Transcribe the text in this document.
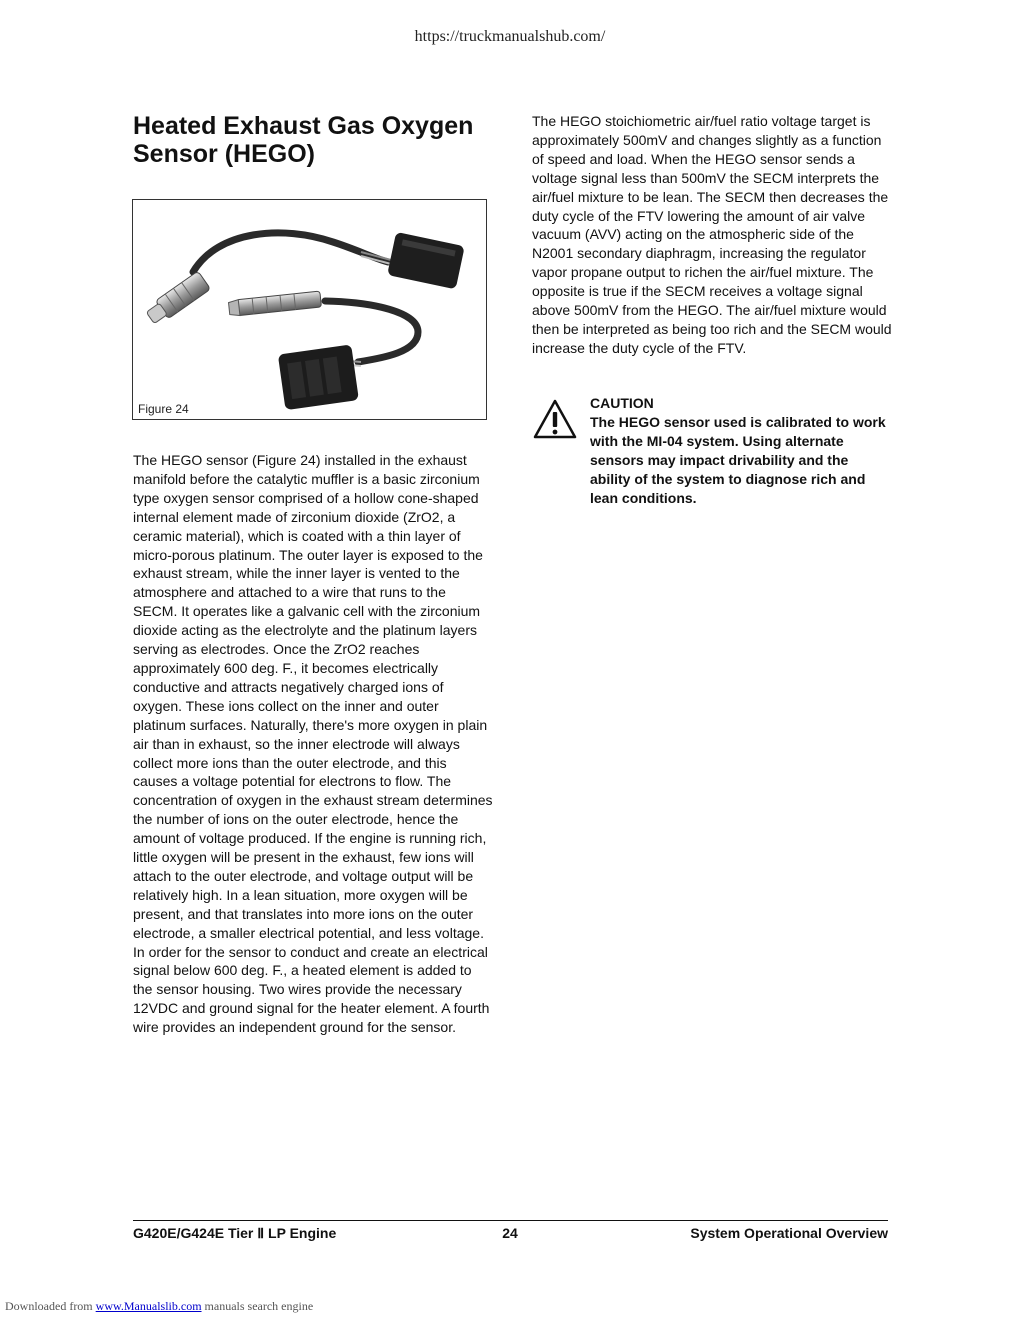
https://truckmanualshub.com/
Heated Exhaust Gas Oxygen Sensor (HEGO)
Figure 24

The HEGO sensor (Figure 24) installed in the exhaust manifold before the catalytic muffler is a basic zirconium type oxygen sensor comprised of a hollow cone-shaped internal element made of zirconium dioxide (ZrO2, a ceramic material), which is coated with a thin layer of micro-porous platinum. The outer layer is exposed to the exhaust stream, while the inner layer is vented to the atmosphere and attached to a wire that runs to the SECM. It operates like a galvanic cell with the zirconium dioxide acting as the electrolyte and the platinum layers serving as electrodes. Once the ZrO2 reaches approximately 600 deg. F., it becomes electrically conductive and attracts negatively charged ions of oxygen. These ions collect on the inner and outer platinum surfaces. Naturally, there's more oxygen in plain air than in exhaust, so the inner electrode will always collect more ions than the outer electrode, and this causes a voltage potential for electrons to flow. The concentration of oxygen in the exhaust stream determines the number of ions on the outer electrode, hence the amount of voltage produced. If the engine is running rich, little oxygen will be present in the exhaust, few ions will attach to the outer electrode, and voltage output will be relatively high. In a lean situation, more oxygen will be present, and that translates into more ions on the outer electrode, a smaller electrical potential, and less voltage. In order for the sensor to conduct and create an electrical signal below 600 deg. F., a heated element is added to the sensor housing. Two wires provide the necessary 12VDC and ground signal for the heater element. A fourth wire provides an independent ground for the sensor.

The HEGO stoichiometric air/fuel ratio voltage target is approximately 500mV and changes slightly as a function of speed and load. When the HEGO sensor sends a voltage signal less than 500mV the SECM interprets the air/fuel mixture to be lean. The SECM then decreases the duty cycle of the FTV lowering the amount of air valve vacuum (AVV) acting on the atmospheric side of the N2001 secondary diaphragm, increasing the regulator vapor propane output to richen the air/fuel mixture. The opposite is true if the SECM receives a voltage signal above 500mV from the HEGO. The air/fuel mixture would then be interpreted as being too rich and the SECM would increase the duty cycle of the FTV.

CAUTION
The HEGO sensor used is calibrated to work with the MI-04 system. Using alternate sensors may impact drivability and the ability of the system to diagnose rich and lean conditions.
G420E/G424E Tier Ⅱ LP Engine	24	System Operational Overview
Downloaded from www.Manualslib.com manuals search engine
